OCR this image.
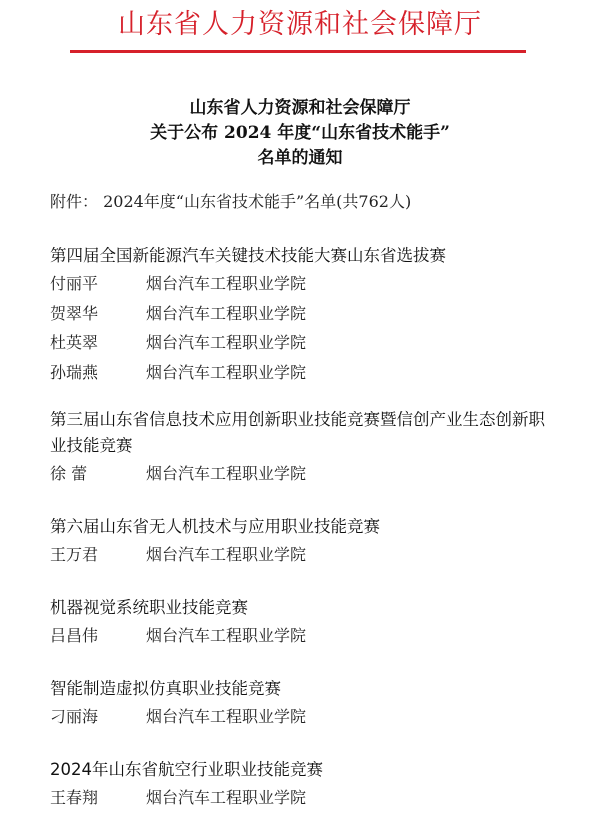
山东省人力资源和社会保障厅
山东省人力资源和社会保障厅
关于公布 2024 年度“山东省技术能手”
名单的通知
附件： 2024年度“山东省技术能手”名单(共762人)
第四届全国新能源汽车关键技术技能大赛山东省选拔赛
付丽平	烟台汽车工程职业学院
贺翠华	烟台汽车工程职业学院
杜英翠	烟台汽车工程职业学院
孙瑞燕	烟台汽车工程职业学院
第三届山东省信息技术应用创新职业技能竞赛暨信创产业生态创新职业技能竞赛
徐 蕾	烟台汽车工程职业学院
第六届山东省无人机技术与应用职业技能竞赛
王万君	烟台汽车工程职业学院
机器视觉系统职业技能竞赛
吕昌伟	烟台汽车工程职业学院
智能制造虚拟仿真职业技能竞赛
刁丽海	烟台汽车工程职业学院
2024年山东省航空行业职业技能竞赛
王春翔	烟台汽车工程职业学院
